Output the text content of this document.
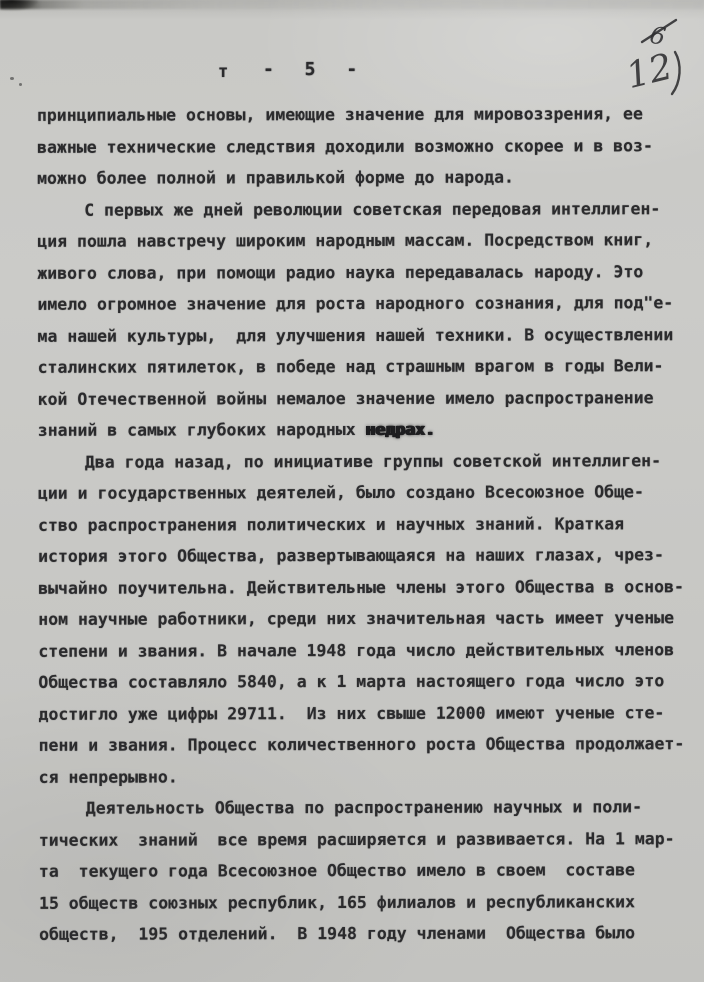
т - 5 -
6
12
принципиальные основы, имеющие значение для мировоззрения, ее
важные технические следствия доходили возможно скорее и в воз-
можно более полной и правилькой форме до народа.
С первых же дней революции советская передовая интеллиген-
ция пошла навстречу широким народным массам. Посредством книг,
живого слова, при помощи радио наука передавалась народу. Это
имело огромное значение для роста народного сознания, для под"е-
ма нашей культуры,  для улучшения нашей техники. В осуществлении
сталинских пятилеток, в победе над страшным врагом в годы Вели-
кой Отечественной войны немалое значение имело распространение
знаний в самых глубоких народных недрах.
Два года назад, по инициативе группы советской интеллиген-
ции и государственных деятелей, было создано Всесоюзное Обще-
ство распространения политических и научных знаний. Краткая
история этого Общества, развертывающаяся на наших глазах, чрез-
вычайно поучительна. Действительные члены этого Общества в основ-
ном научные работники, среди них значительная часть имеет ученые
степени и звания. В начале 1948 года число действительных членов
Общества составляло 5840, а к 1 марта настоящего года число это
достигло уже цифры 29711.  Из них свыше 12000 имеют ученые сте-
пени и звания. Процесс количественного роста Общества продолжает-
ся непрерывно.
Деятельность Общества по распространению научных и поли-
тических  знаний  все время расширяется и развивается. На 1 мар-
та  текущего года Всесоюзное Общество имело в своем  составе
15 обществ союзных республик, 165 филиалов и республиканских
обществ,  195 отделений.  В 1948 году членами  Общества было
